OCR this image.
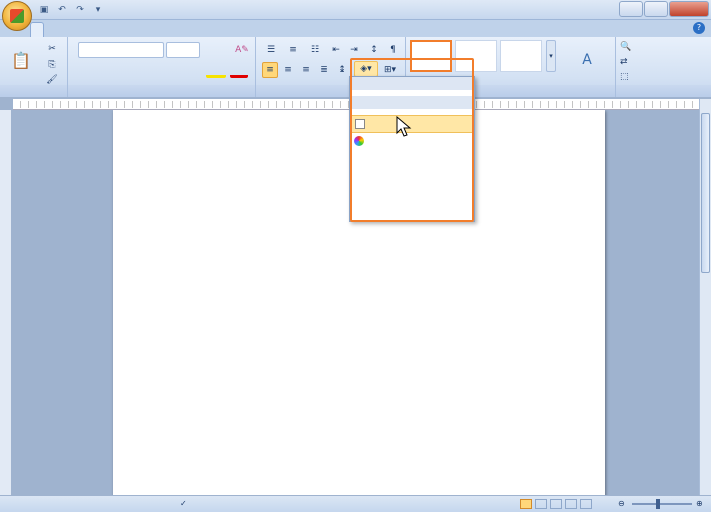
▣	↶	↷	▾
?
📋
✂
⎘
🖌
A✎	☰	≡	☷	⇤	⇥	↕	¶
≡	≡	≡	≣	↨	◈▾	⊞▾
▾ A
🔍
⇄
⬚
✓	⊖	⊕
